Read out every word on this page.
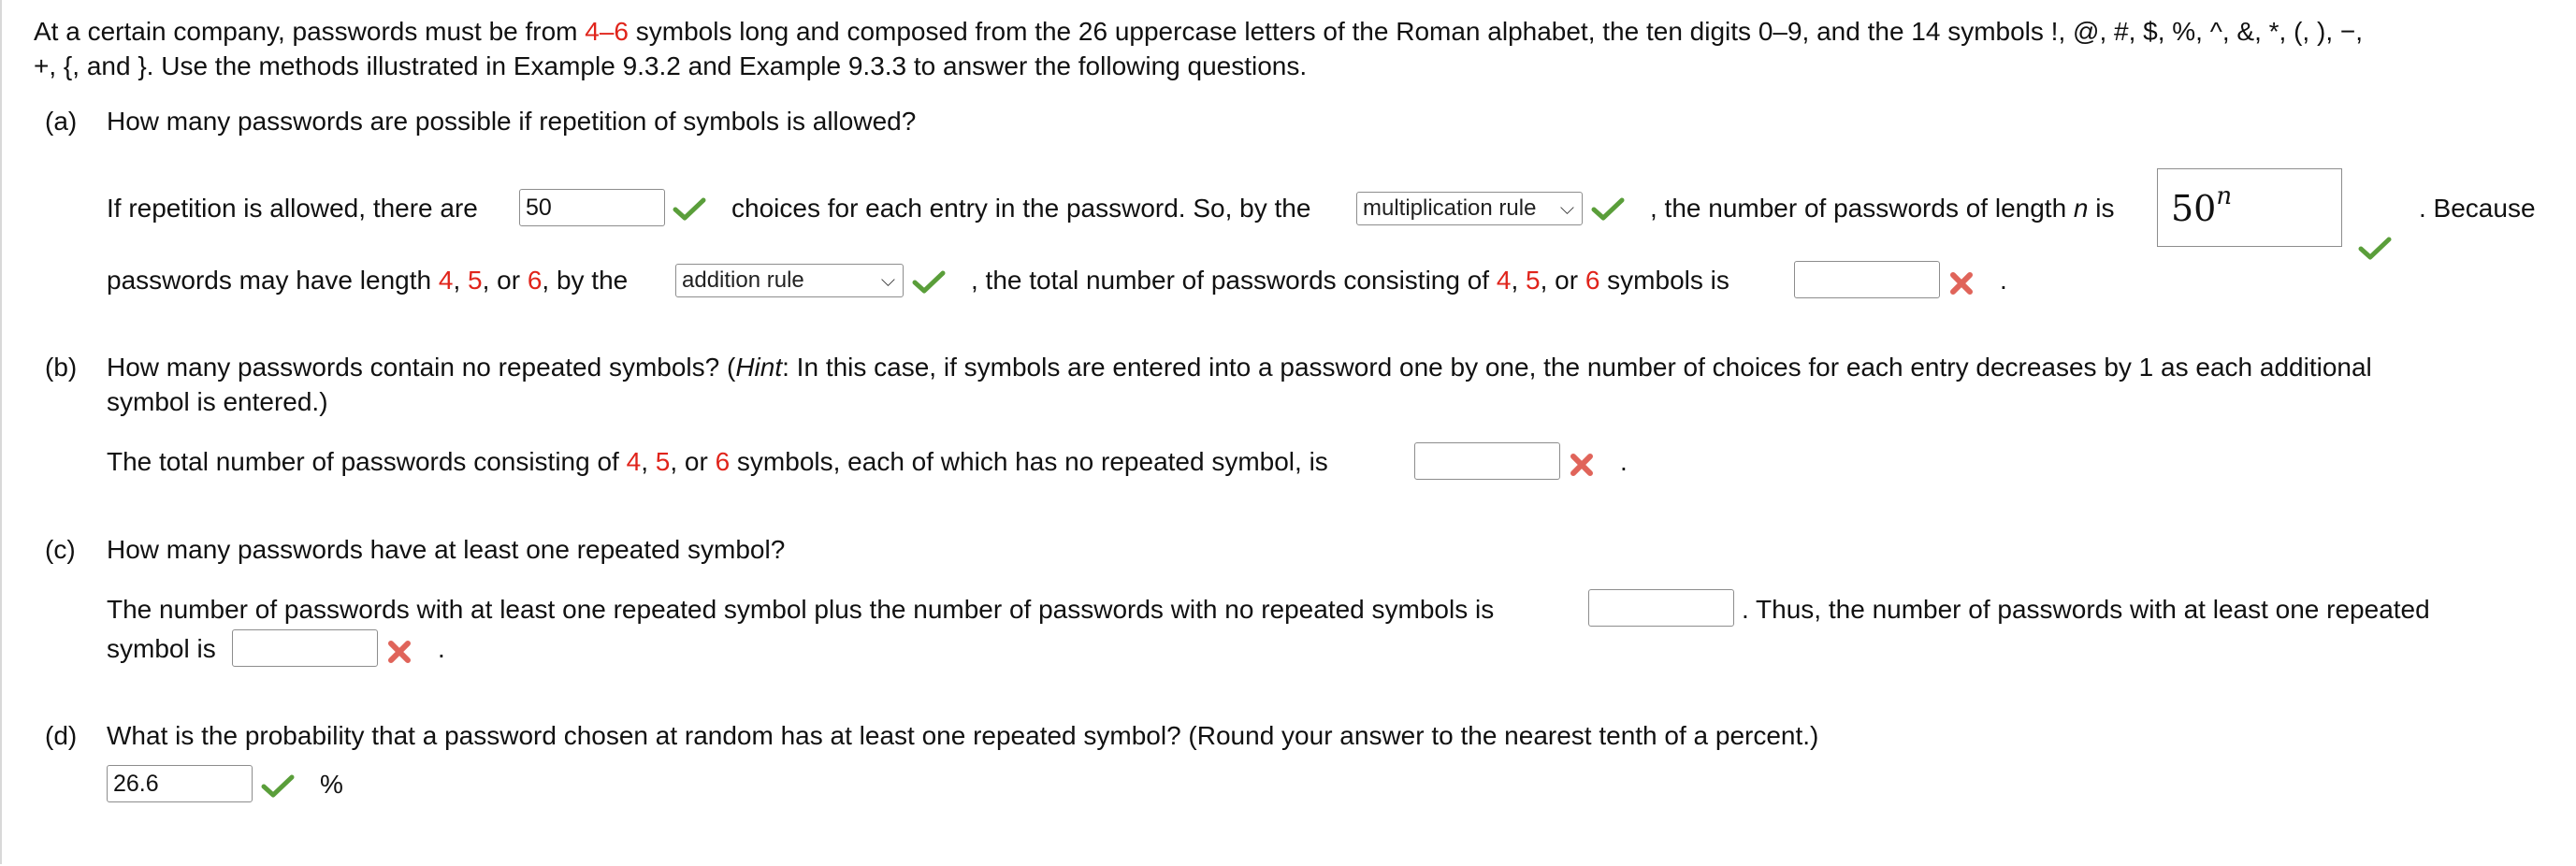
At a certain company, passwords must be from 4–6 symbols long and composed from the 26 uppercase letters of the Roman alphabet, the ten digits 0–9, and the 14 symbols !, @, #, $, %, ^, &, *, (, ), −,
+, {, and }. Use the methods illustrated in Example 9.3.2 and Example 9.3.3 to answer the following questions.
(a) How many passwords are possible if repetition of symbols is allowed?
If repetition is allowed, there are
50	choices for each entry in the password. So, by the multiplication rule ⌵	, the number of passwords of length n is 50$^n$	. Because
passwords may have length 4, 5, or 6, by the addition rule	⌵	, the total number of passwords consisting of 4, 5, or 6 symbols is	.
(b) How many passwords contain no repeated symbols? (Hint: In this case, if symbols are entered into a password one by one, the number of choices for each entry decreases by 1 as each additional
symbol is entered.)
The total number of passwords consisting of 4, 5, or 6 symbols, each of which has no repeated symbol, is	.
(c) How many passwords have at least one repeated symbol?
The number of passwords with at least one repeated symbol plus the number of passwords with no repeated symbols is	. Thus, the number of passwords with at least one repeated
symbol is	.
(d) What is the probability that a password chosen at random has at least one repeated symbol? (Round your answer to the nearest tenth of a percent.)
26.6
%
